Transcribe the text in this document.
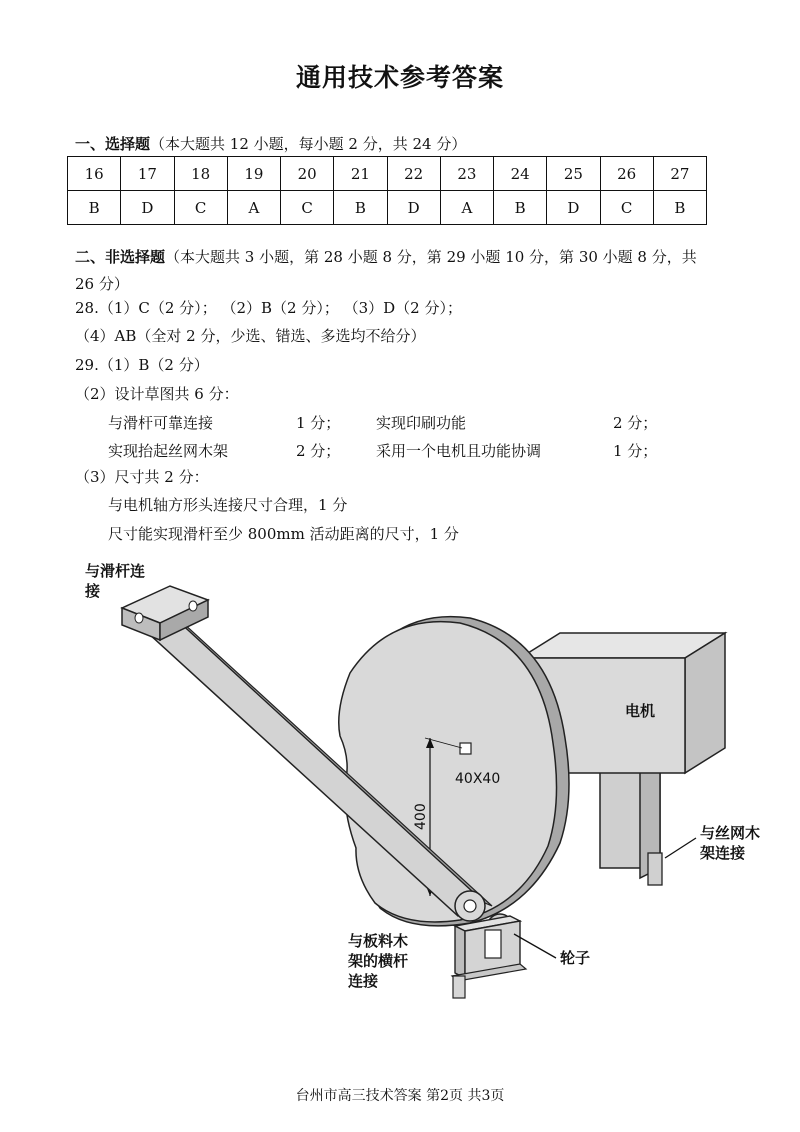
通用技术参考答案
一、选择题（本大题共 12 小题，每小题 2 分，共 24 分）
16	17	18	19	20	21	22	23	24	25	26	27
B	D	C	A	C	B	D	A	B	D	C	B
二、非选择题（本大题共 3 小题，第 28 小题 8 分，第 29 小题 10 分，第 30 小题 8 分，共
26 分）
28.（1）C（2 分）； （2）B（2 分）； （3）D（2 分）；
（4）AB（全对 2 分，少选、错选、多选均不给分）
29.（1）B（2 分）
（2）设计草图共 6 分：
与滑杆可靠连接	1 分； 实现印刷功能	2 分；
实现抬起丝网木架	2 分； 采用一个电机且功能协调	1 分；
（3）尺寸共 2 分：
与电机轴方形头连接尺寸合理，1 分
尺寸能实现滑杆至少 800mm 活动距离的尺寸，1 分
40X40
400
电机
与滑杆连
接
与丝网木
架连接
轮子
与板料木
架的横杆
连接
台州市高三技术答案 第2页 共3页
